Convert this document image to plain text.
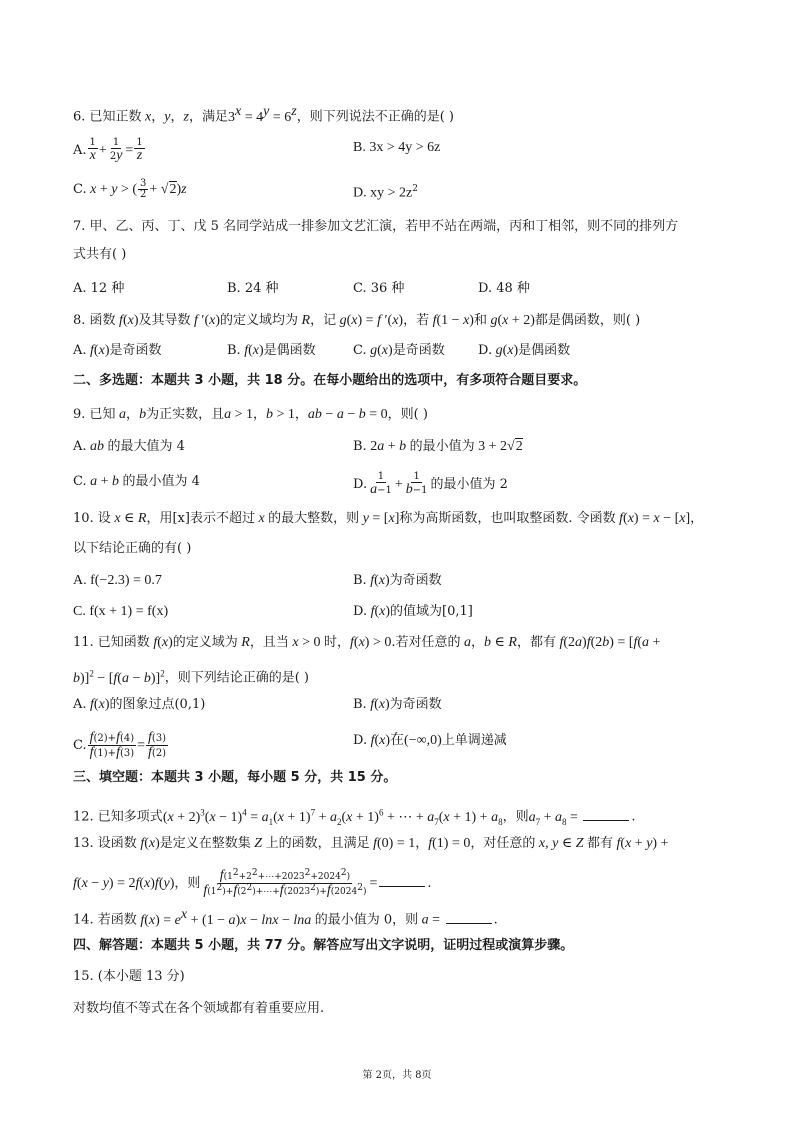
6. 已知正数 x，y，z，满足$3^x = 4^y = 6^z$，则下列说法不正确的是( )
A. $\frac{1}{x} + \frac{1}{2y} = \frac{1}{z}$	B. 3x > 4y > 6z
C. x + y > ( $\frac{3}{2} + √2)z$	D. xy > $2z^2$
7. 甲、乙、丙、丁、戊 5 名同学站成一排参加文艺汇演，若甲不站在两端，丙和丁相邻，则不同的排列方
式共有( )
A. 12 种	B. 24 种	C. 36 种	D. 48 种
8. 函数 f(x)及其导数 f ′(x)的定义域均为 R，记 g(x) = f ′(x)，若 f(1 − x)和 g(x + 2)都是偶函数，则( )
A. f(x)是奇函数	B. f(x)是偶函数	C. g(x)是奇函数	D. g(x)是偶函数
二、多选题：本题共 3 小题，共 18 分。在每小题给出的选项中，有多项符合题目要求。
9. 已知 a，b为正实数，且a > 1，b > 1，ab − a − b = 0，则( )
A. ab 的最大值为 4	B. 2a + b 的最小值为 3 + 2√2
C. a + b 的最小值为 4	D. $\frac{1}{a-1} + \frac{1}{b-1}$ 的最小值为 2
10. 设 x ∈ R，用[x]表示不超过 x 的最大整数，则 y = [x]称为高斯函数，也叫取整函数. 令函数 f(x) = x − [x]，
以下结论正确的有( )
A. f(−2.3) = 0.7	B. f(x)为奇函数
C. f(x + 1) = f(x)	D. f(x)的值域为[0,1]
11. 已知函数 f(x)的定义域为 R，且当 x > 0 时，f(x) > 0.若对任意的 a，b ∈ R，都有 f(2a)f(2b) = [f(a +
$b)]^2 - [f(a - b)]^2$，则下列结论正确的是( )
A. f(x)的图象过点(0,1)	B. f(x)为奇函数
C. $\frac{f(2)+f(4)}{f(1)+f(3)} = \frac{f(3)}{f(2)}$	D. f(x)在(−∞,0)上单调递减
三、填空题：本题共 3 小题，每小题 5 分，共 15 分。
12. 已知多项式$(x + 2)^3(x - 1)^4 = a_1(x + 1)^7 + a_2(x + 1)^6$ + ⋯ + $a_7(x + 1) + a_8$，则$a_7 + a_8$ =	.
13. 设函数 f(x)是定义在整数集 Z 上的函数，且满足 f(0) = 1，f(1) = 0，对任意的 x, y ∈ Z 都有 f(x + y) +
f(x − y) = 2f(x)f(y)，则 $\frac{f(1^2+2^2+\cdots+2023^2+2024^2)}{f(1^2)+f(2^2)+\cdots+f(2023^2)+f(2024^2)}$ =	.
14. 若函数 $f(x) = e^x + (1 - a)x - \ln x - \ln a$ 的最小值为 0，则 a =	.
四、解答题：本题共 5 小题，共 77 分。解答应写出文字说明，证明过程或演算步骤。
15. (本小题 13 分)
对数均值不等式在各个领域都有着重要应用.
第 2页，共 8页
